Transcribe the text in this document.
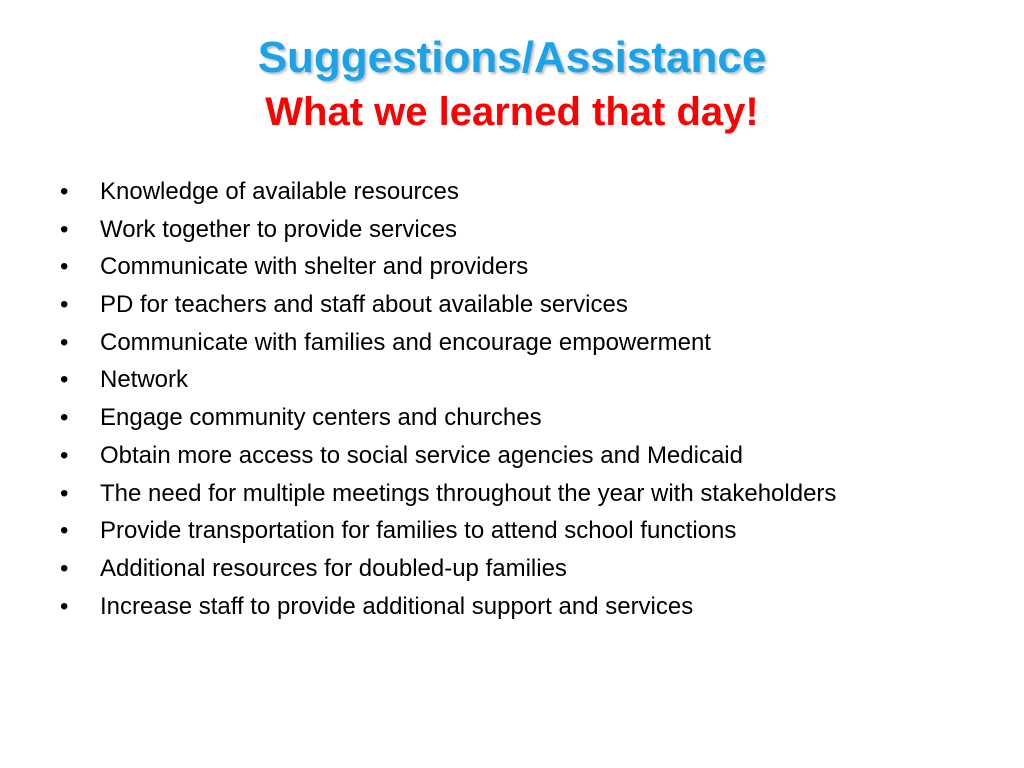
Suggestions/Assistance
What we learned that day!
•	Knowledge of available resources
•	Work together to provide services
•	Communicate with shelter and providers
•	PD for teachers and staff about available services
•	Communicate with families and encourage empowerment
•	Network
•	Engage community centers and churches
•	Obtain more access to social service agencies and Medicaid
•	The need for multiple meetings throughout the year with stakeholders
•	Provide transportation for families to attend school functions
•	Additional resources for doubled-up families
•	Increase staff to provide additional support and services
